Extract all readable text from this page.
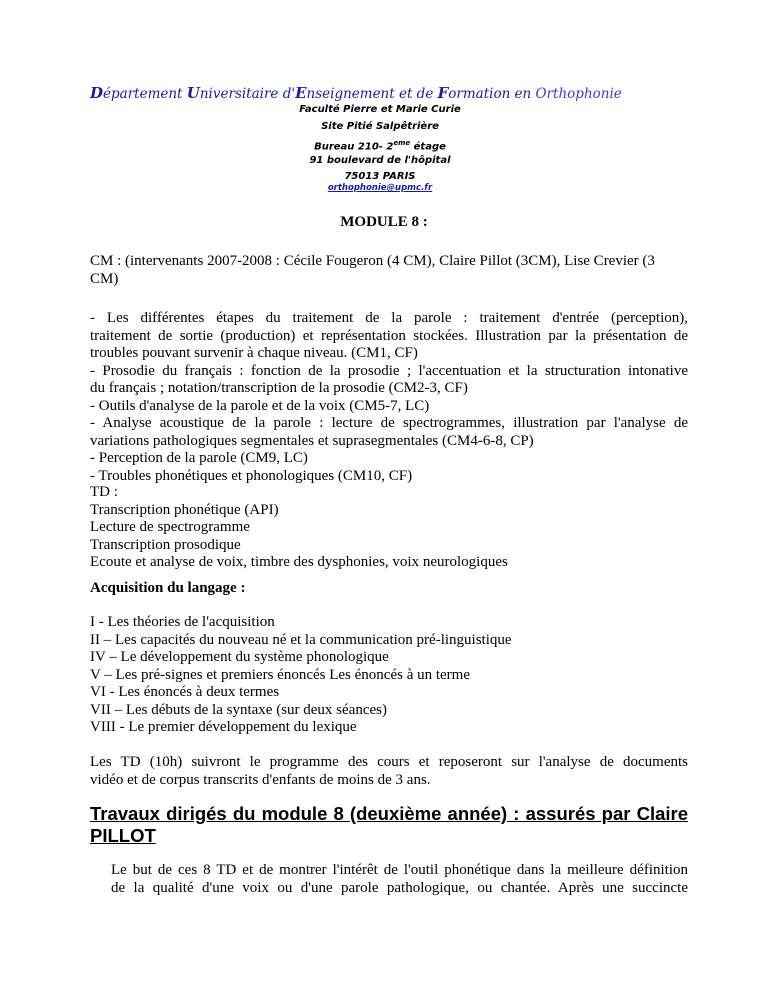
Département Universitaire d'Enseignement et de Formation en Orthophonie
Faculté Pierre et Marie Curie
Site Pitié Salpêtrière
Bureau 210- 2eme étage
91 boulevard de l'hôpital
75013 PARIS
orthophonie@upmc.fr
MODULE 8 :
CM : (intervenants 2007-2008 : Cécile Fougeron (4 CM), Claire Pillot (3CM), Lise Crevier (3
CM)
- Les différentes étapes du traitement de la parole : traitement d'entrée (perception),
traitement de sortie (production) et représentation stockées. Illustration par la présentation de
troubles pouvant survenir à chaque niveau. (CM1, CF)
- Prosodie du français : fonction de la prosodie ; l'accentuation et la structuration intonative
du français ; notation/transcription de la prosodie (CM2-3, CF)
- Outils d'analyse de la parole et de la voix (CM5-7, LC)
- Analyse acoustique de la parole : lecture de spectrogrammes, illustration par l'analyse de
variations pathologiques segmentales et suprasegmentales (CM4-6-8, CP)
- Perception de la parole (CM9, LC)
- Troubles phonétiques et phonologiques (CM10, CF)
TD :
Transcription phonétique (API)
Lecture de spectrogramme
Transcription prosodique
Ecoute et analyse de voix, timbre des dysphonies, voix neurologiques
Acquisition du langage :
I - Les théories de l'acquisition
II – Les capacités du nouveau né et la communication pré-linguistique
IV – Le développement du système phonologique
V – Les pré-signes et premiers énoncés Les énoncés à un terme
VI - Les énoncés à deux termes
VII – Les débuts de la syntaxe (sur deux séances)
VIII - Le premier développement du lexique
Les TD (10h) suivront le programme des cours et reposeront sur l'analyse de documents
vidéo et de corpus transcrits d'enfants de moins de 3 ans.
Travaux dirigés du module 8 (deuxième année) : assurés par Claire
PILLOT
Le but de ces 8 TD et de montrer l'intérêt de l'outil phonétique dans la meilleure définition
de la qualité d'une voix ou d'une parole pathologique, ou chantée. Après une succincte
